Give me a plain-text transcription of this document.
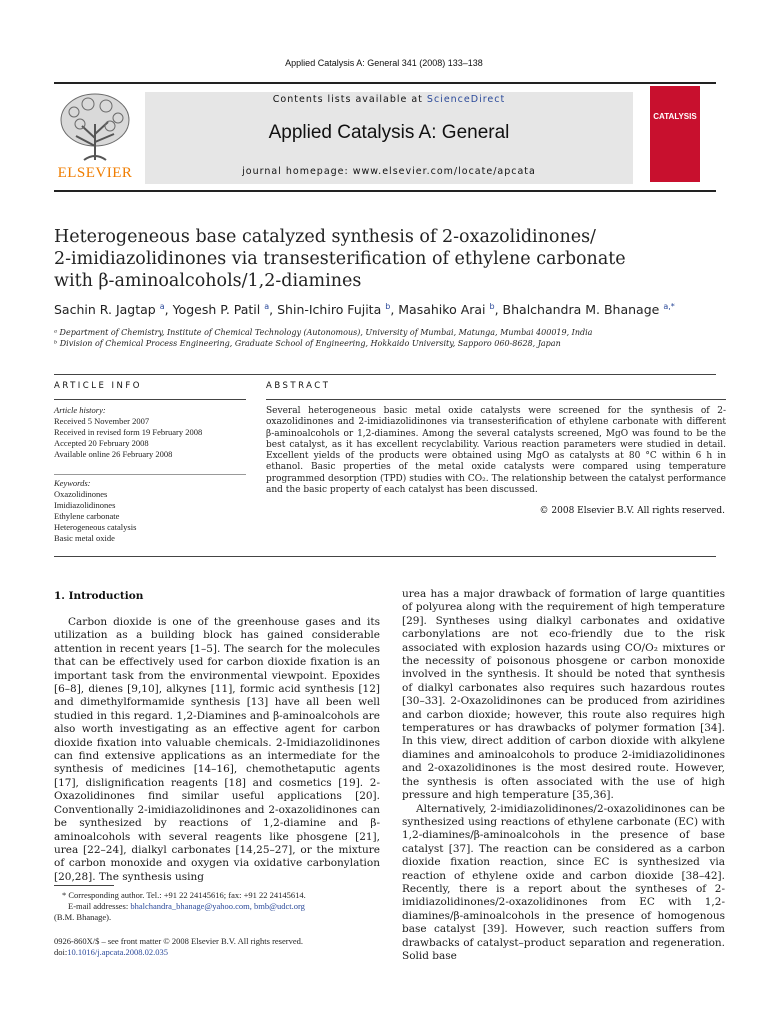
Applied Catalysis A: General 341 (2008) 133–138
ELSEVIER
Contents lists available at ScienceDirect
Applied Catalysis A: General
journal homepage: www.elsevier.com/locate/apcata
CATALYSIS
Heterogeneous base catalyzed synthesis of 2-oxazolidinones/
2-imidiazolidinones via transesterification of ethylene carbonate
with β-aminoalcohols/1,2-diamines
Sachin R. Jagtap $^a$, Yogesh P. Patil $^a$, Shin-Ichiro Fujita $^b$, Masahiko Arai $^b$, Bhalchandra M. Bhanage $^{a,*}$
ᵃ Department of Chemistry, Institute of Chemical Technology (Autonomous), University of Mumbai, Matunga, Mumbai 400019, India
ᵇ Division of Chemical Process Engineering, Graduate School of Engineering, Hokkaido University, Sapporo 060-8628, Japan
ARTICLE INFO	ABSTRACT
Article history:
Received 5 November 2007
Received in revised form 19 February 2008
Accepted 20 February 2008
Available online 26 February 2008
Keywords:
Oxazolidinones
Imidiazolidinones
Ethylene carbonate
Heterogeneous catalysis
Basic metal oxide
Several heterogeneous basic metal oxide catalysts were screened for the synthesis of 2-oxazolidinones and 2-imidiazolidinones via transesterification of ethylene carbonate with different β-aminoalcohols or 1,2-diamines. Among the several catalysts screened, MgO was found to be the best catalyst, as it has excellent recyclability. Various reaction parameters were studied in detail. Excellent yields of the products were obtained using MgO as catalysts at 80 °C within 6 h in ethanol. Basic properties of the metal oxide catalysts were compared using temperature programmed desorption (TPD) studies with CO₂. The relationship between the catalyst performance and the basic property of each catalyst has been discussed.
© 2008 Elsevier B.V. All rights reserved.
1. Introduction

Carbon dioxide is one of the greenhouse gases and its utilization as a building block has gained considerable attention in recent years [1–5]. The search for the molecules that can be effectively used for carbon dioxide fixation is an important task from the environmental viewpoint. Epoxides [6–8], dienes [9,10], alkynes [11], formic acid synthesis [12] and dimethylformamide synthesis [13] have all been well studied in this regard. 1,2-Diamines and β-aminoalcohols are also worth investigating as an effective agent for carbon dioxide fixation into valuable chemicals. 2-Imidiazolidinones can find extensive applications as an intermediate for the synthesis of medicines [14–16], chemothetaputic agents [17], dislignification reagents [18] and cosmetics [19]. 2-Oxazolidinones find similar useful applications [20]. Conventionally 2-imidiazolidinones and 2-oxazolidinones can be synthesized by reactions of 1,2-diamine and β-aminoalcohols with several reagents like phosgene [21], urea [22–24], dialkyl carbonates [14,25–27], or the mixture of carbon monoxide and oxygen via oxidative carbonylation [20,28]. The synthesis using

urea has a major drawback of formation of large quantities of polyurea along with the requirement of high temperature [29]. Syntheses using dialkyl carbonates and oxidative carbonylations are not eco-friendly due to the risk associated with explosion hazards using CO/O₂ mixtures or the necessity of poisonous phosgene or carbon monoxide involved in the synthesis. It should be noted that synthesis of dialkyl carbonates also requires such hazardous routes [30–33]. 2-Oxazolidinones can be produced from aziridines and carbon dioxide; however, this route also requires high temperatures or has drawbacks of polymer formation [34]. In this view, direct addition of carbon dioxide with alkylene diamines and aminoalcohols to produce 2-imidiazolidinones and 2-oxazolidinones is the most desired route. However, the synthesis is often associated with the use of high pressure and high temperature [35,36].

Alternatively, 2-imidiazolidinones/2-oxazolidinones can be synthesized using reactions of ethylene carbonate (EC) with 1,2-diamines/β-aminoalcohols in the presence of base catalyst [37]. The reaction can be considered as a carbon dioxide fixation reaction, since EC is synthesized via reaction of ethylene oxide and carbon dioxide [38–42]. Recently, there is a report about the syntheses of 2-imidiazolidinones/2-oxazolidinones from EC with 1,2-diamines/β-aminoalcohols in the presence of homogenous base catalyst [39]. However, such reaction suffers from drawbacks of catalyst–product separation and regeneration. Solid base

* Corresponding author. Tel.: +91 22 24145616; fax: +91 22 24145614.
E-mail addresses: bhalchandra_bhanage@yahoo.com, bmb@udct.org
(B.M. Bhanage).
0926-860X/$ – see front matter © 2008 Elsevier B.V. All rights reserved.
doi:10.1016/j.apcata.2008.02.035
